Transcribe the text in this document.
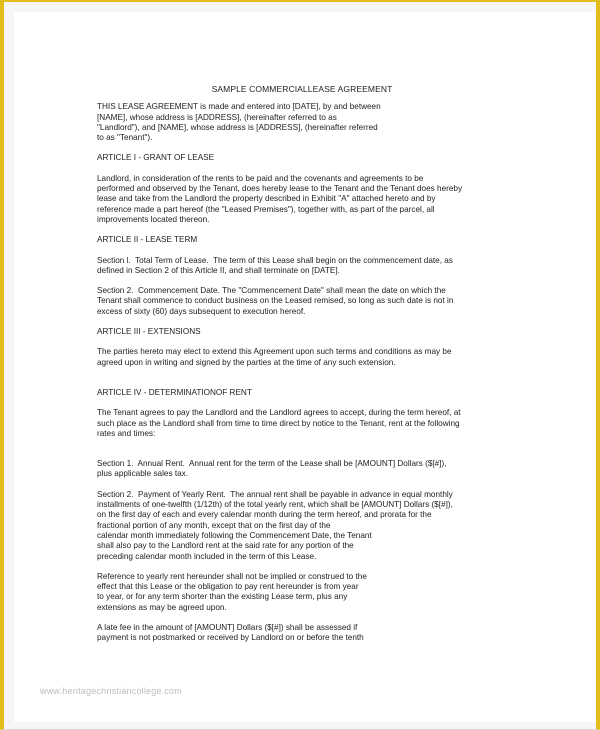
SAMPLE COMMERCIALLEASE AGREEMENT
THIS LEASE AGREEMENT is made and entered into [DATE], by and between
[NAME], whose address is [ADDRESS], (hereinafter referred to as
"Landlord"), and [NAME], whose address is [ADDRESS], (hereinafter referred
to as "Tenant").
ARTICLE I - GRANT OF LEASE
Landlord, in consideration of the rents to be paid and the covenants and agreements to be
performed and observed by the Tenant, does hereby lease to the Tenant and the Tenant does hereby
lease and take from the Landlord the property described in Exhibit "A" attached hereto and by
reference made a part hereof (the "Leased Premises"), together with, as part of the parcel, all
improvements located thereon.
ARTICLE II - LEASE TERM
Section l.  Total Term of Lease.  The term of this Lease shall begin on the commencement date, as
defined in Section 2 of this Article II, and shall terminate on [DATE].
Section 2.  Commencement Date. The "Commencement Date" shall mean the date on which the
Tenant shall commence to conduct business on the Leased remised, so long as such date is not in
excess of sixty (60) days subsequent to execution hereof.
ARTICLE III - EXTENSIONS
The parties hereto may elect to extend this Agreement upon such terms and conditions as may be
agreed upon in writing and signed by the parties at the time of any such extension.
ARTICLE IV - DETERMINATIONOF RENT
The Tenant agrees to pay the Landlord and the Landlord agrees to accept, during the term hereof, at
such place as the Landlord shall from time to time direct by notice to the Tenant, rent at the following
rates and times:
Section 1.  Annual Rent.  Annual rent for the term of the Lease shall be [AMOUNT] Dollars ($[#]),
plus applicable sales tax.
Section 2.  Payment of Yearly Rent.  The annual rent shall be payable in advance in equal monthly
installments of one-twelfth (1/12th) of the total yearly rent, which shall be [AMOUNT] Dollars ($[#]),
on the first day of each and every calendar month during the term hereof, and prorata for the
fractional portion of any month, except that on the first day of the
calendar month immediately following the Commencement Date, the Tenant
shall also pay to the Landlord rent at the said rate for any portion of the
preceding calendar month included in the term of this Lease.
Reference to yearly rent hereunder shall not be implied or construed to the
effect that this Lease or the obligation to pay rent hereunder is from year
to year, or for any term shorter than the existing Lease term, plus any
extensions as may be agreed upon.
A late fee in the amount of [AMOUNT] Dollars ($[#]) shall be assessed if
payment is not postmarked or received by Landlord on or before the tenth
www.heritagechristiancollege.com
